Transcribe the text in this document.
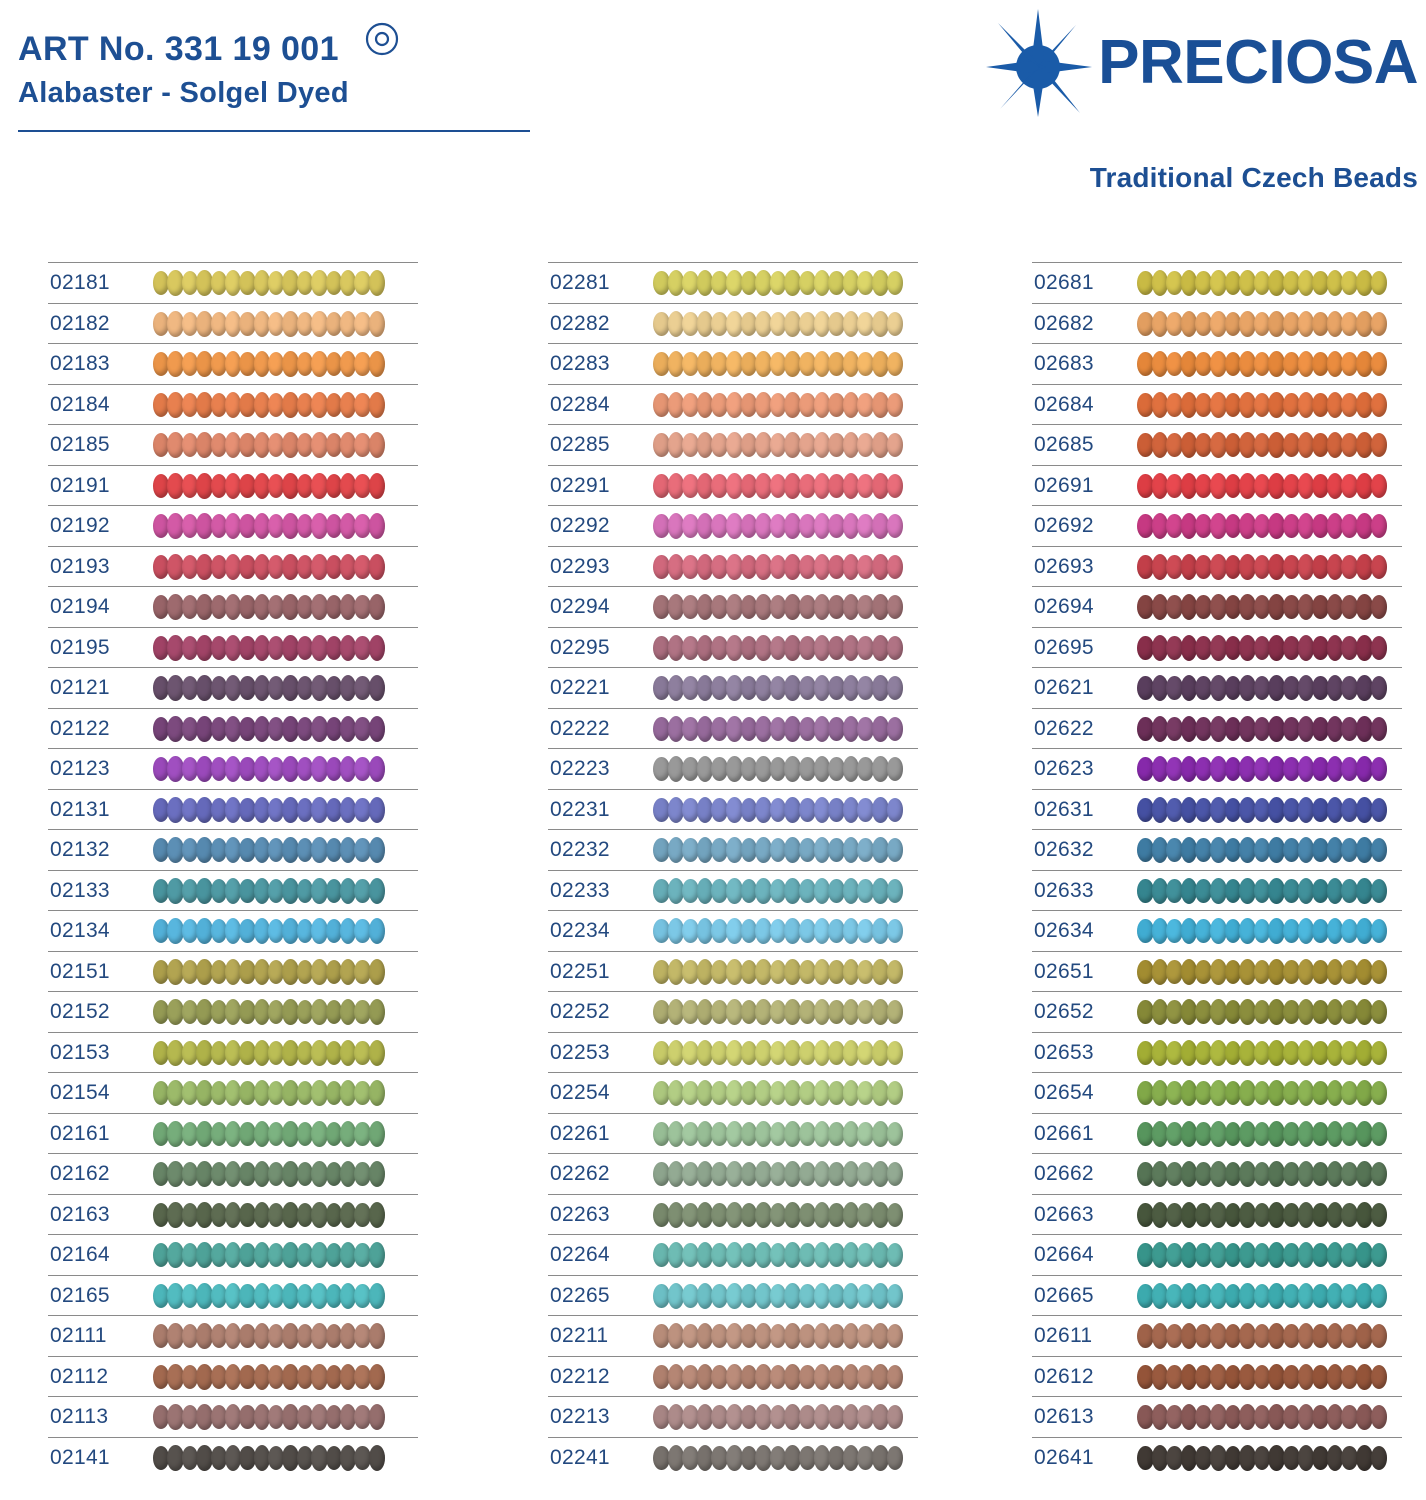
ART No. 331 19 001
Alabaster - Solgel Dyed	PRECIOSA
Traditional Czech Beads
02181
02182
02183
02184
02185
02191
02192
02193
02194
02195
02121
02122
02123
02131
02132
02133
02134
02151
02152
02153
02154
02161
02162
02163
02164
02165
02111
02112
02113
02141
02281
02282
02283
02284
02285
02291
02292
02293
02294
02295
02221
02222
02223
02231
02232
02233
02234
02251
02252
02253
02254
02261
02262
02263
02264
02265
02211
02212
02213
02241
02681
02682
02683
02684
02685
02691
02692
02693
02694
02695
02621
02622
02623
02631
02632
02633
02634
02651
02652
02653
02654
02661
02662
02663
02664
02665
02611
02612
02613
02641
